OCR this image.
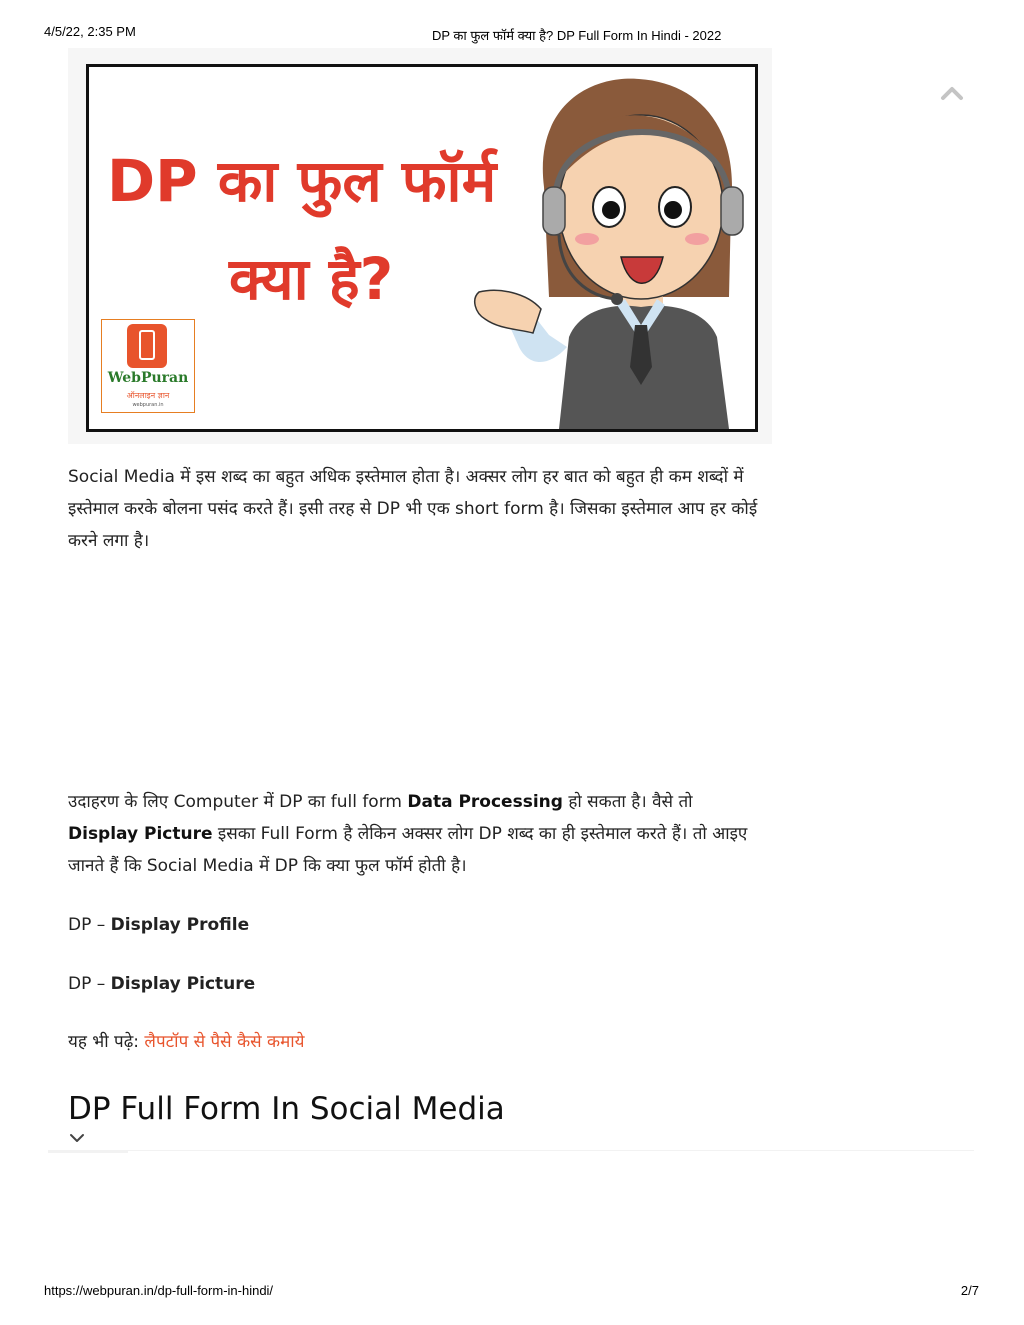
4/5/22, 2:35 PM	DP का फुल फॉर्म क्या है? DP Full Form In Hindi - 2022
DP का फुल फॉर्म
क्या है?
WebPuran
ऑनलाइन ज्ञान
webpuran.in

Social Media में इस शब्द का बहुत अधिक इस्तेमाल होता है। अक्सर लोग हर बात को बहुत ही कम शब्दों में इस्तेमाल करके बोलना पसंद करते हैं। इसी तरह से DP भी एक short form है। जिसका इस्तेमाल आप हर कोई करने लगा है।

उदाहरण के लिए Computer में DP का full form Data Processing हो सकता है। वैसे तो Display Picture इसका Full Form है लेकिन अक्सर लोग DP शब्द का ही इस्तेमाल करते हैं। तो आइए जानते हैं कि Social Media में DP कि क्या फुल फॉर्म होती है।

DP – Display Profile
DP – Display Picture
यह भी पढ़े: लैपटॉप से पैसे कैसे कमाये
DP Full Form In Social Media
https://webpuran.in/dp-full-form-in-hindi/	2/7
